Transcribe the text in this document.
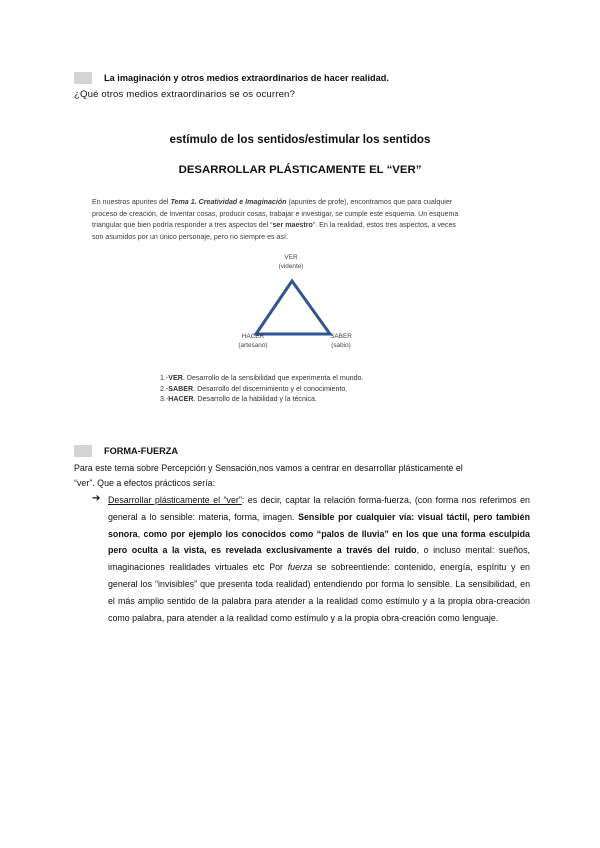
La imaginación y otros medios extraordinarios de hacer realidad.
¿Qué otros medios extraordinarios se os ocurren?
estímulo de los sentidos/estimular los sentidos
DESARROLLAR PLÁSTICAMENTE EL “VER”

En nuestros apuntes del Tema 1. Creatividad e Imaginación (apuntes de profe), encontramos que para cualquier

proceso de creación, de inventar cosas, producir cosas, trabajar e investigar, se cumple este esquema. Un esquema

triangular que bien podría responder a tres aspectos del “ser maestro”. En la realidad, estos tres aspectos, a veces

son asumidos por un único personaje, pero no siempre es así:

VER
(vidente)
HACER
(artesano)
SABER
(sabio)
1.-VER. Desarrollo de la sensibilidad que experimenta el mundo.
2.-SABER. Desarrollo del discernimiento y el conocimiento.
3.-HACER. Desarrollo de la habilidad y la técnica.
FORMA-FUERZA
Para este tema sobre Percepción y Sensación,nos vamos a centrar en desarrollar plásticamente el
“ver”. Que a efectos prácticos sería:
➔ Desarrollar plásticamente el “ver”: es decir, captar la relación forma-fuerza, (con forma nos referimos en general a lo sensible: materia, forma, imagen. Sensible por cualquier vía: visual táctil, pero también sonora, como por ejemplo los conocidos como “palos de lluvia” en los que una forma esculpida pero oculta a la vista, es revelada exclusivamente a través del ruido, o incluso mental: sueños, imaginaciones realidades virtuales etc Por fuerza se sobreentiende: contenido, energía, espíritu y en general los “invisibles” que presenta toda realidad) entendiendo por forma lo sensible. La sensibilidad, en el más amplio sentido de la palabra para atender a la realidad como estímulo y a la propia obra-creación como palabra, para atender a la realidad como estímulo y a la propia obra-creación como lenguaje.
